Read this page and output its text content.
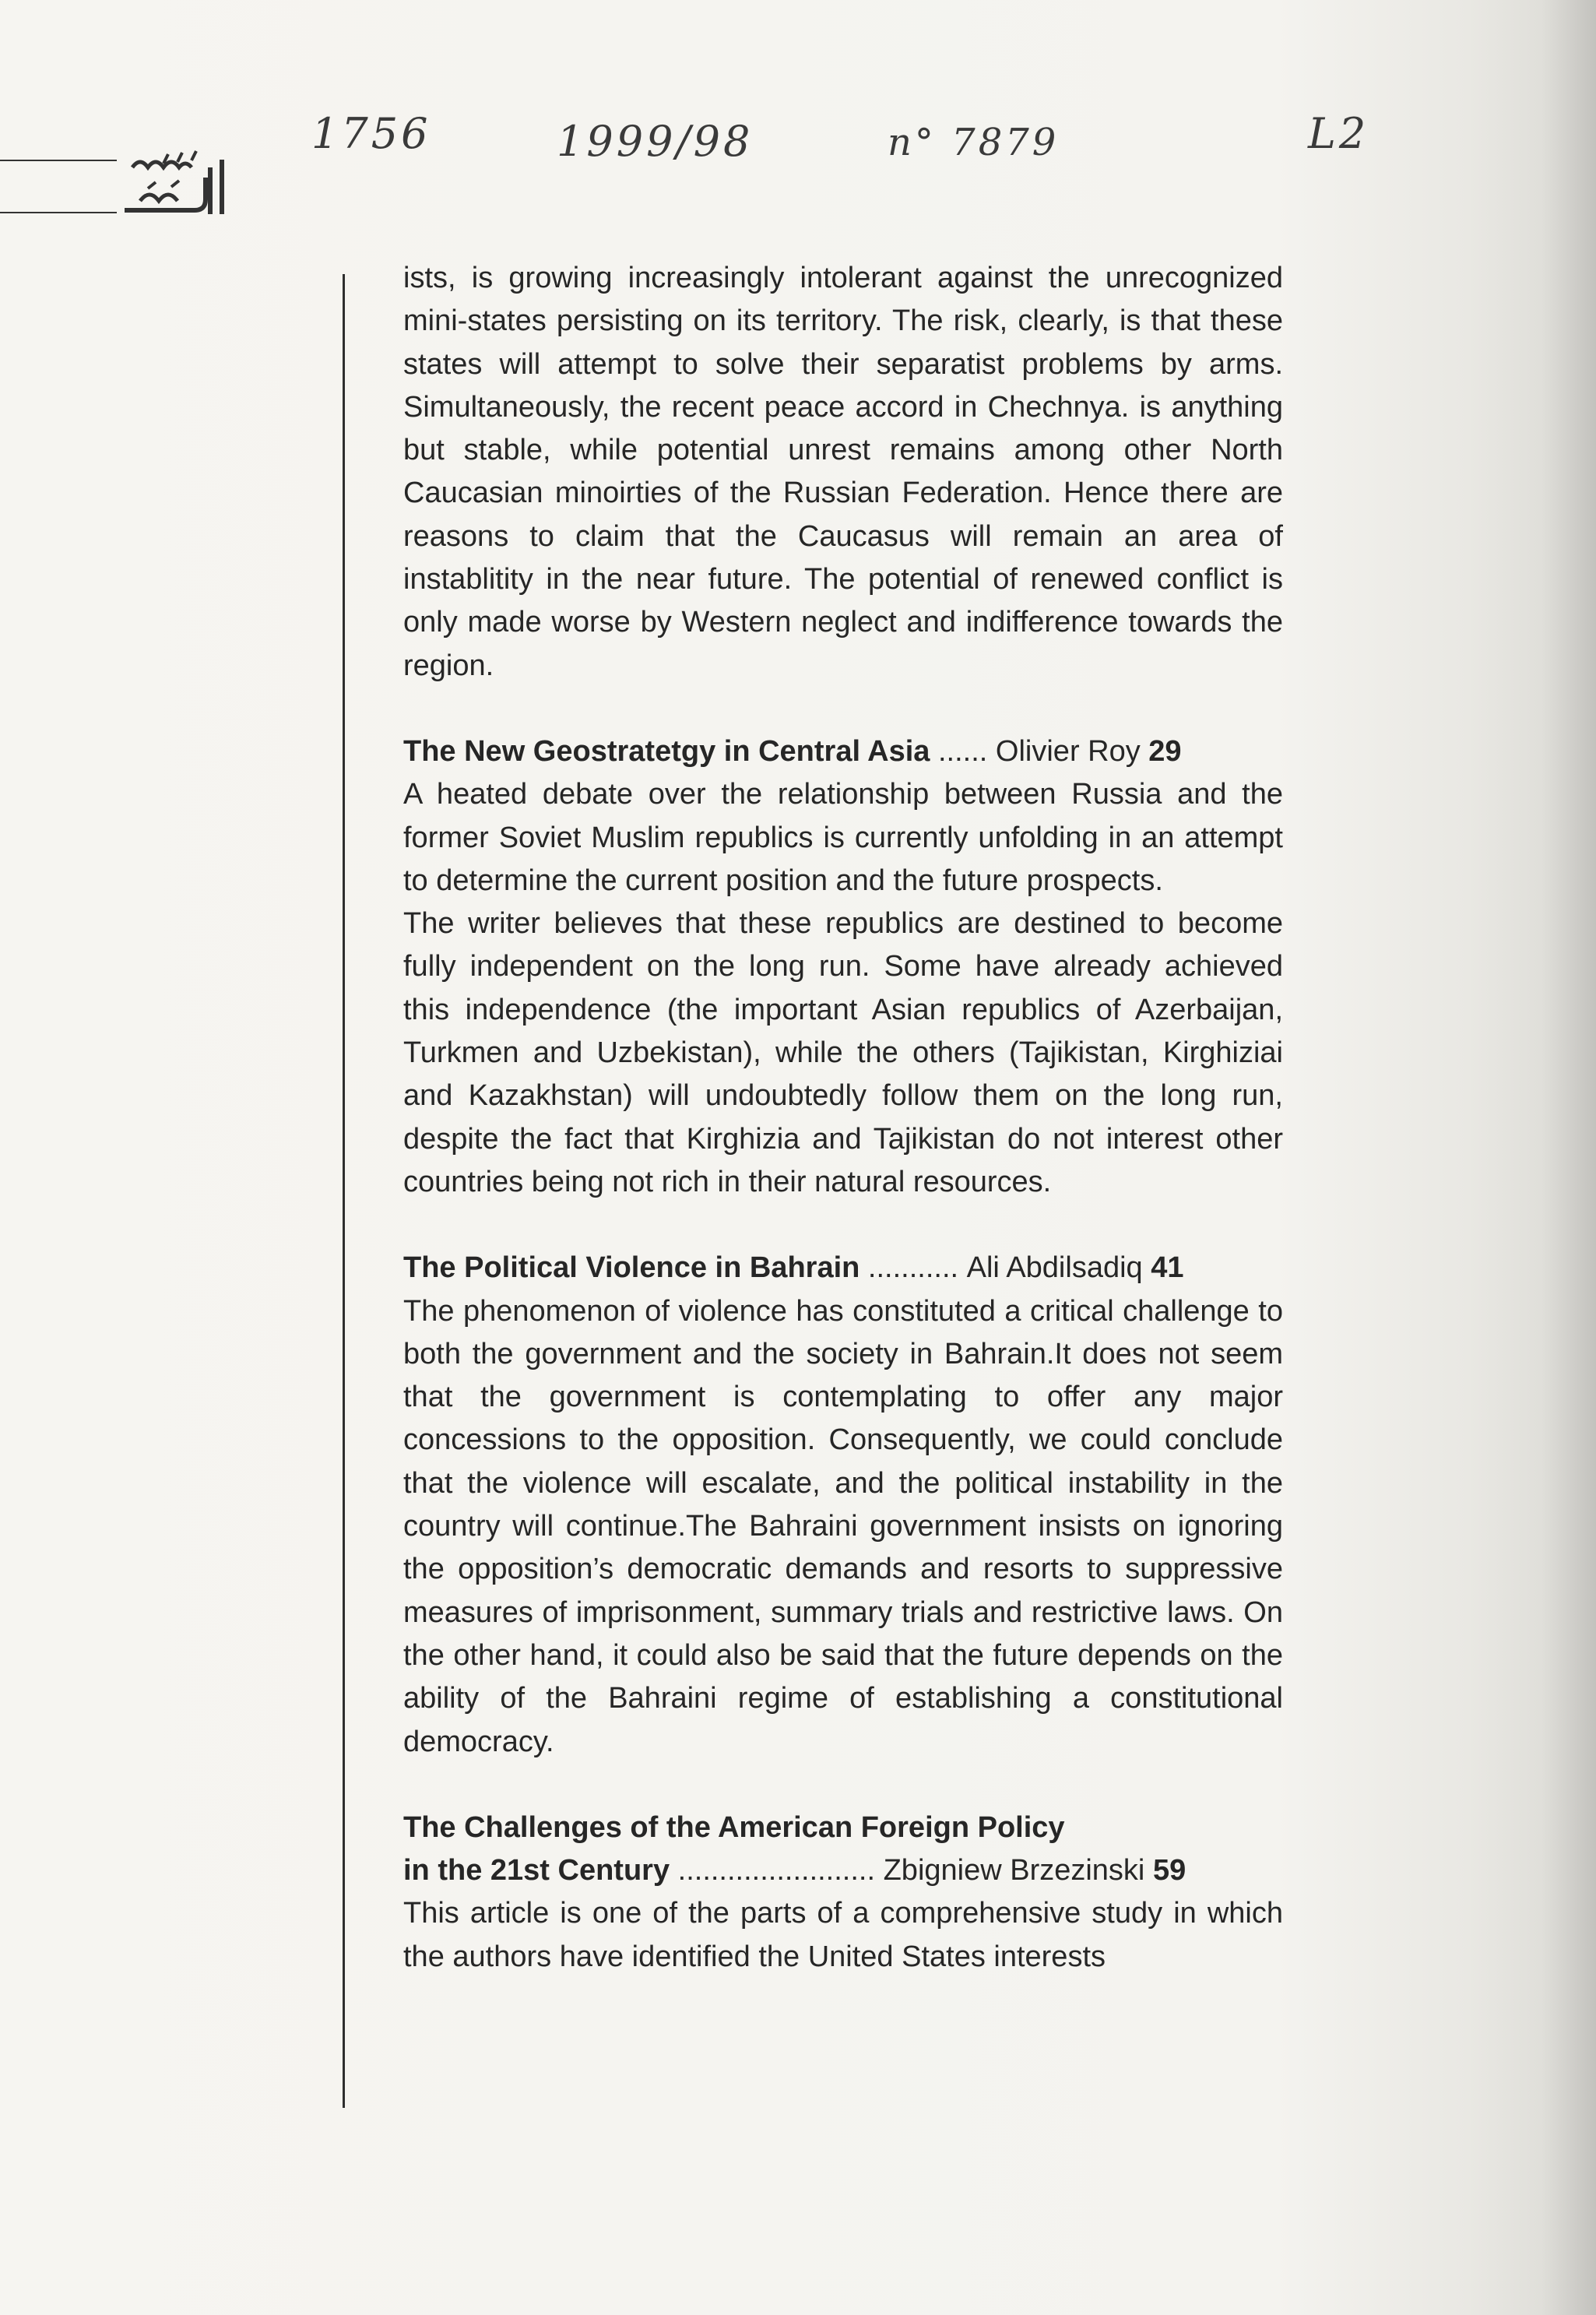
1756	1999/98	n° 7879	L2

ists, is growing increasingly intolerant against the unrecognized mini-states persisting on its territory. The risk, clearly, is that these states will attempt to solve their separatist problems by arms. Simultaneously, the recent peace accord in Chechnya. is anything but stable, while potential unrest remains among other North Caucasian minoirties of the Russian Federation. Hence there are reasons to claim that the Caucasus will remain an area of instablitity in the near future. The potential of renewed conflict is only made worse by Western neglect and indifference towards the region.

The New Geostratetgy in Central Asia ...... Olivier Roy 29

A heated debate over the relationship between Russia and the former Soviet Muslim republics is currently unfolding in an attempt to determine the current position and the future prospects.

The writer believes that these republics are destined to become fully independent on the long run. Some have already achieved this independence (the important Asian republics of Azerbaijan, Turkmen and Uzbekistan), while the others (Tajikistan, Kirghiziai and Kazakhstan) will undoubtedly follow them on the long run, despite the fact that Kirghizia and Tajikistan do not interest other countries being not rich in their natural resources.

The Political Violence in Bahrain ........... Ali Abdilsadiq 41

The phenomenon of violence has constituted a critical challenge to both the government and the society in Bahrain.It does not seem that the government is contemplating to offer any major concessions to the opposition. Consequently, we could conclude that the violence will escalate, and the political instability in the country will continue.The Bahraini government insists on ignoring the opposition’s democratic demands and resorts to suppressive measures of imprisonment, summary trials and restrictive laws. On the other hand, it could also be said that the future depends on the ability of the Bahraini regime of establishing a constitutional democracy.

The Challenges of the American Foreign Policy
in the 21st Century ........................ Zbigniew Brzezinski 59

This article is one of the parts of a comprehensive study in which the authors have identified the United States interests
